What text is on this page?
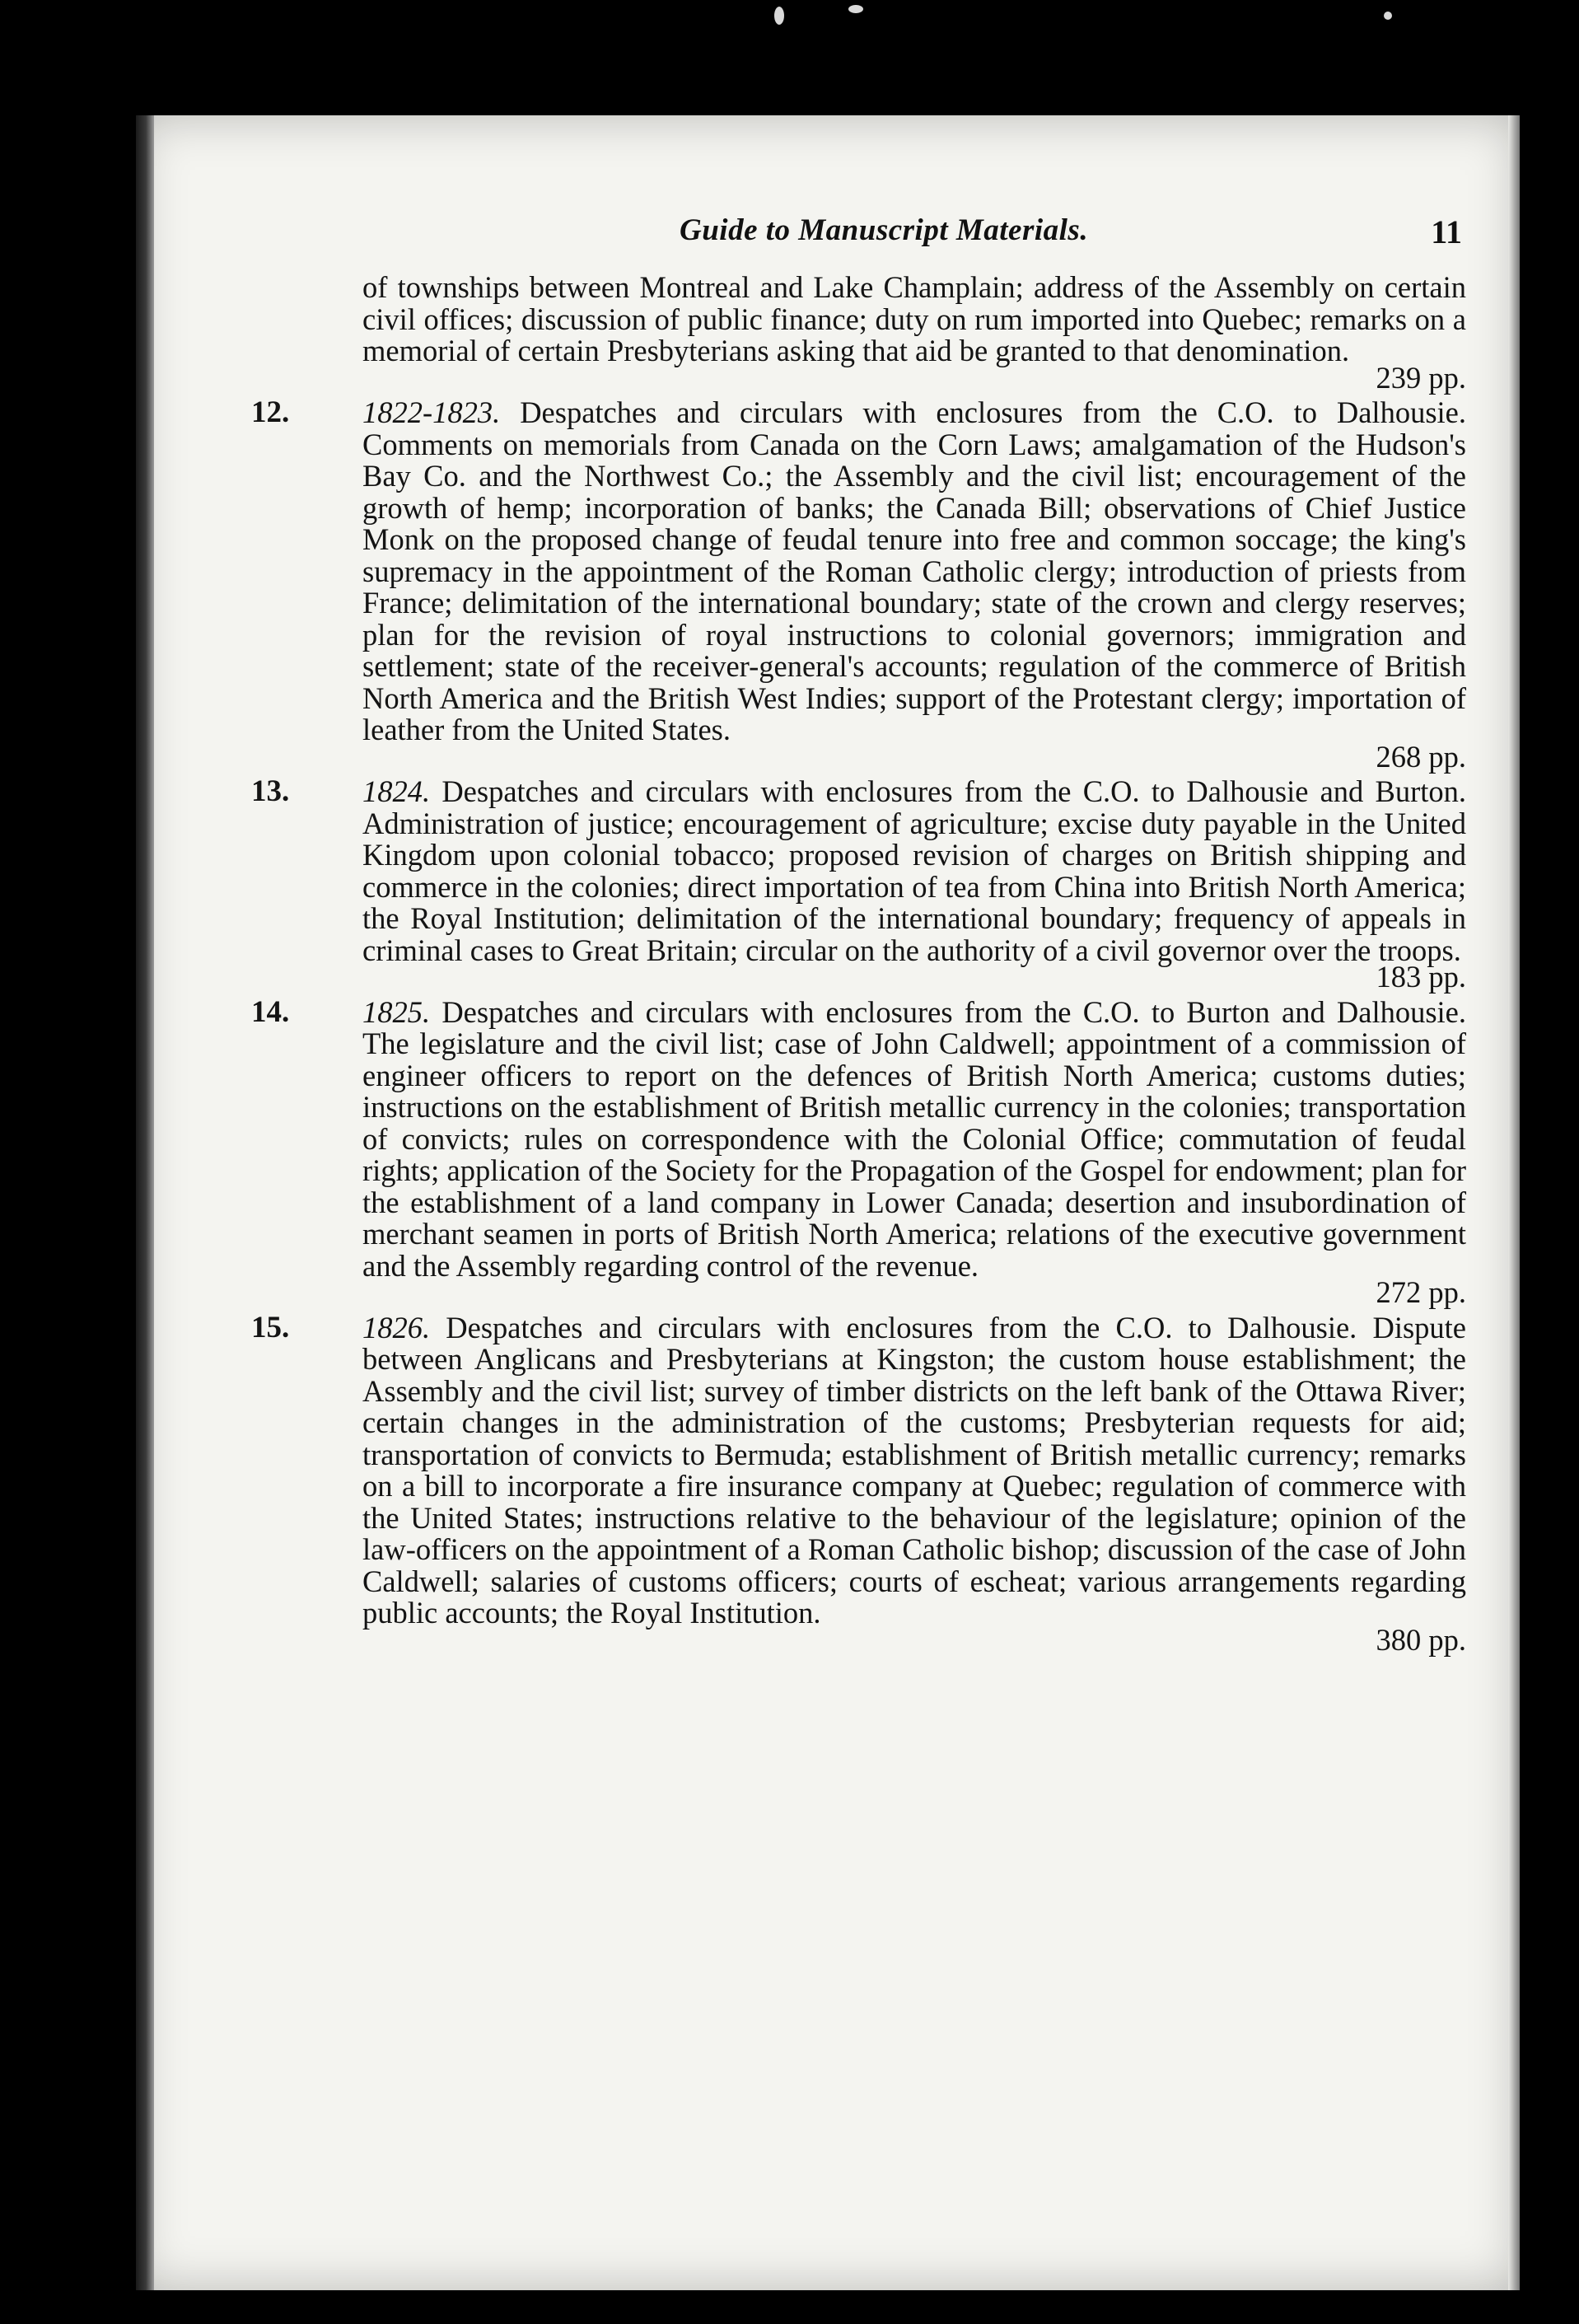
Guide to Manuscript Materials.	11

of townships between Montreal and Lake Champlain; address of the Assembly on certain civil offices; discussion of public finance; duty on rum imported into Quebec; remarks on a memorial of certain Presbyterians asking that aid be granted to that denomination.
239 pp.

12. 1822-1823. Despatches and circulars with enclosures from the C.O. to Dalhousie. Comments on memorials from Canada on the Corn Laws; amalgamation of the Hudson's Bay Co. and the Northwest Co.; the Assembly and the civil list; encouragement of the growth of hemp; incorporation of banks; the Canada Bill; observations of Chief Justice Monk on the proposed change of feudal tenure into free and common soccage; the king's supremacy in the appointment of the Roman Catholic clergy; introduction of priests from France; delimitation of the international boundary; state of the crown and clergy reserves; plan for the revision of royal instructions to colonial governors; immigration and settlement; state of the receiver-general's accounts; regulation of the commerce of British North America and the British West Indies; support of the Protestant clergy; importation of leather from the United States.
268 pp.

13. 1824. Despatches and circulars with enclosures from the C.O. to Dalhousie and Burton. Administration of justice; encouragement of agriculture; excise duty payable in the United Kingdom upon colonial tobacco; proposed revision of charges on British shipping and commerce in the colonies; direct importation of tea from China into British North America; the Royal Institution; delimitation of the international boundary; frequency of appeals in criminal cases to Great Britain; circular on the authority of a civil governor over the troops.
183 pp.

14. 1825. Despatches and circulars with enclosures from the C.O. to Burton and Dalhousie. The legislature and the civil list; case of John Caldwell; appointment of a commission of engineer officers to report on the defences of British North America; customs duties; instructions on the establishment of British metallic currency in the colonies; transportation of convicts; rules on correspondence with the Colonial Office; commutation of feudal rights; application of the Society for the Propagation of the Gospel for endowment; plan for the establishment of a land company in Lower Canada; desertion and insubordination of merchant seamen in ports of British North America; relations of the executive government and the Assembly regarding control of the revenue.
272 pp.

15. 1826. Despatches and circulars with enclosures from the C.O. to Dalhousie. Dispute between Anglicans and Presbyterians at Kingston; the custom house establishment; the Assembly and the civil list; survey of timber districts on the left bank of the Ottawa River; certain changes in the administration of the customs; Presbyterian requests for aid; transportation of convicts to Bermuda; establishment of British metallic currency; remarks on a bill to incorporate a fire insurance company at Quebec; regulation of commerce with the United States; instructions relative to the behaviour of the legislature; opinion of the law-officers on the appointment of a Roman Catholic bishop; discussion of the case of John Caldwell; salaries of customs officers; courts of escheat; various arrangements regarding public accounts; the Royal Institution.
380 pp.
